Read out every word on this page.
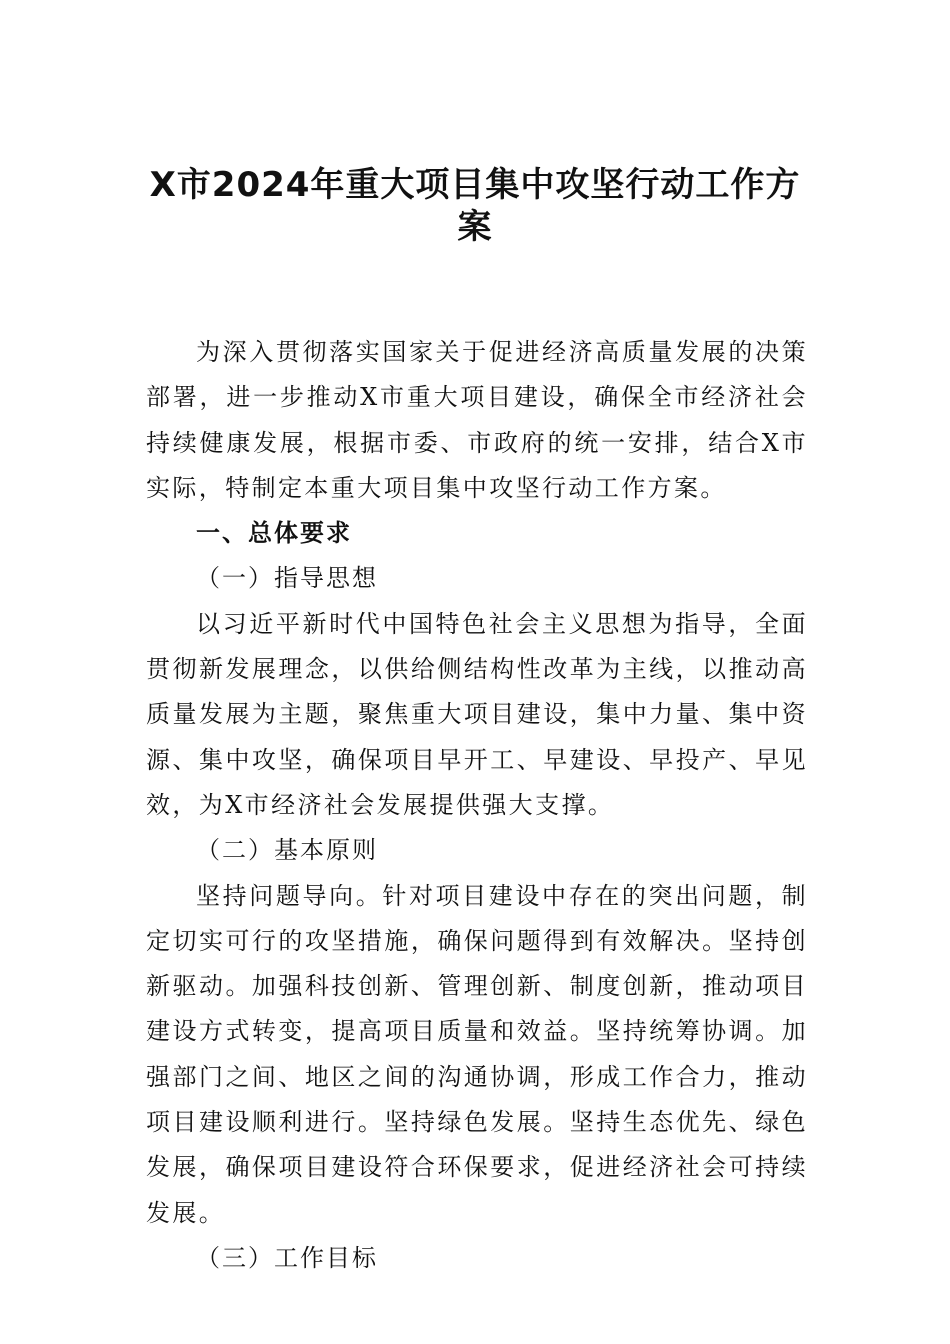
X市2024年重大项目集中攻坚行动工作方
案

为深入贯彻落实国家关于促进经济高质量发展的决策部署，进一步推动X市重大项目建设，确保全市经济社会持续健康发展，根据市委、市政府的统一安排，结合X市实际，特制定本重大项目集中攻坚行动工作方案。

一、总体要求
（一）指导思想

以习近平新时代中国特色社会主义思想为指导，全面贯彻新发展理念，以供给侧结构性改革为主线，以推动高质量发展为主题，聚焦重大项目建设，集中力量、集中资源、集中攻坚，确保项目早开工、早建设、早投产、早见效，为X市经济社会发展提供强大支撑。

（二）基本原则

坚持问题导向。针对项目建设中存在的突出问题，制定切实可行的攻坚措施，确保问题得到有效解决。坚持创新驱动。加强科技创新、管理创新、制度创新，推动项目建设方式转变，提高项目质量和效益。坚持统筹协调。加强部门之间、地区之间的沟通协调，形成工作合力，推动项目建设顺利进行。坚持绿色发展。坚持生态优先、绿色发展，确保项目建设符合环保要求，促进经济社会可持续发展。

（三）工作目标
